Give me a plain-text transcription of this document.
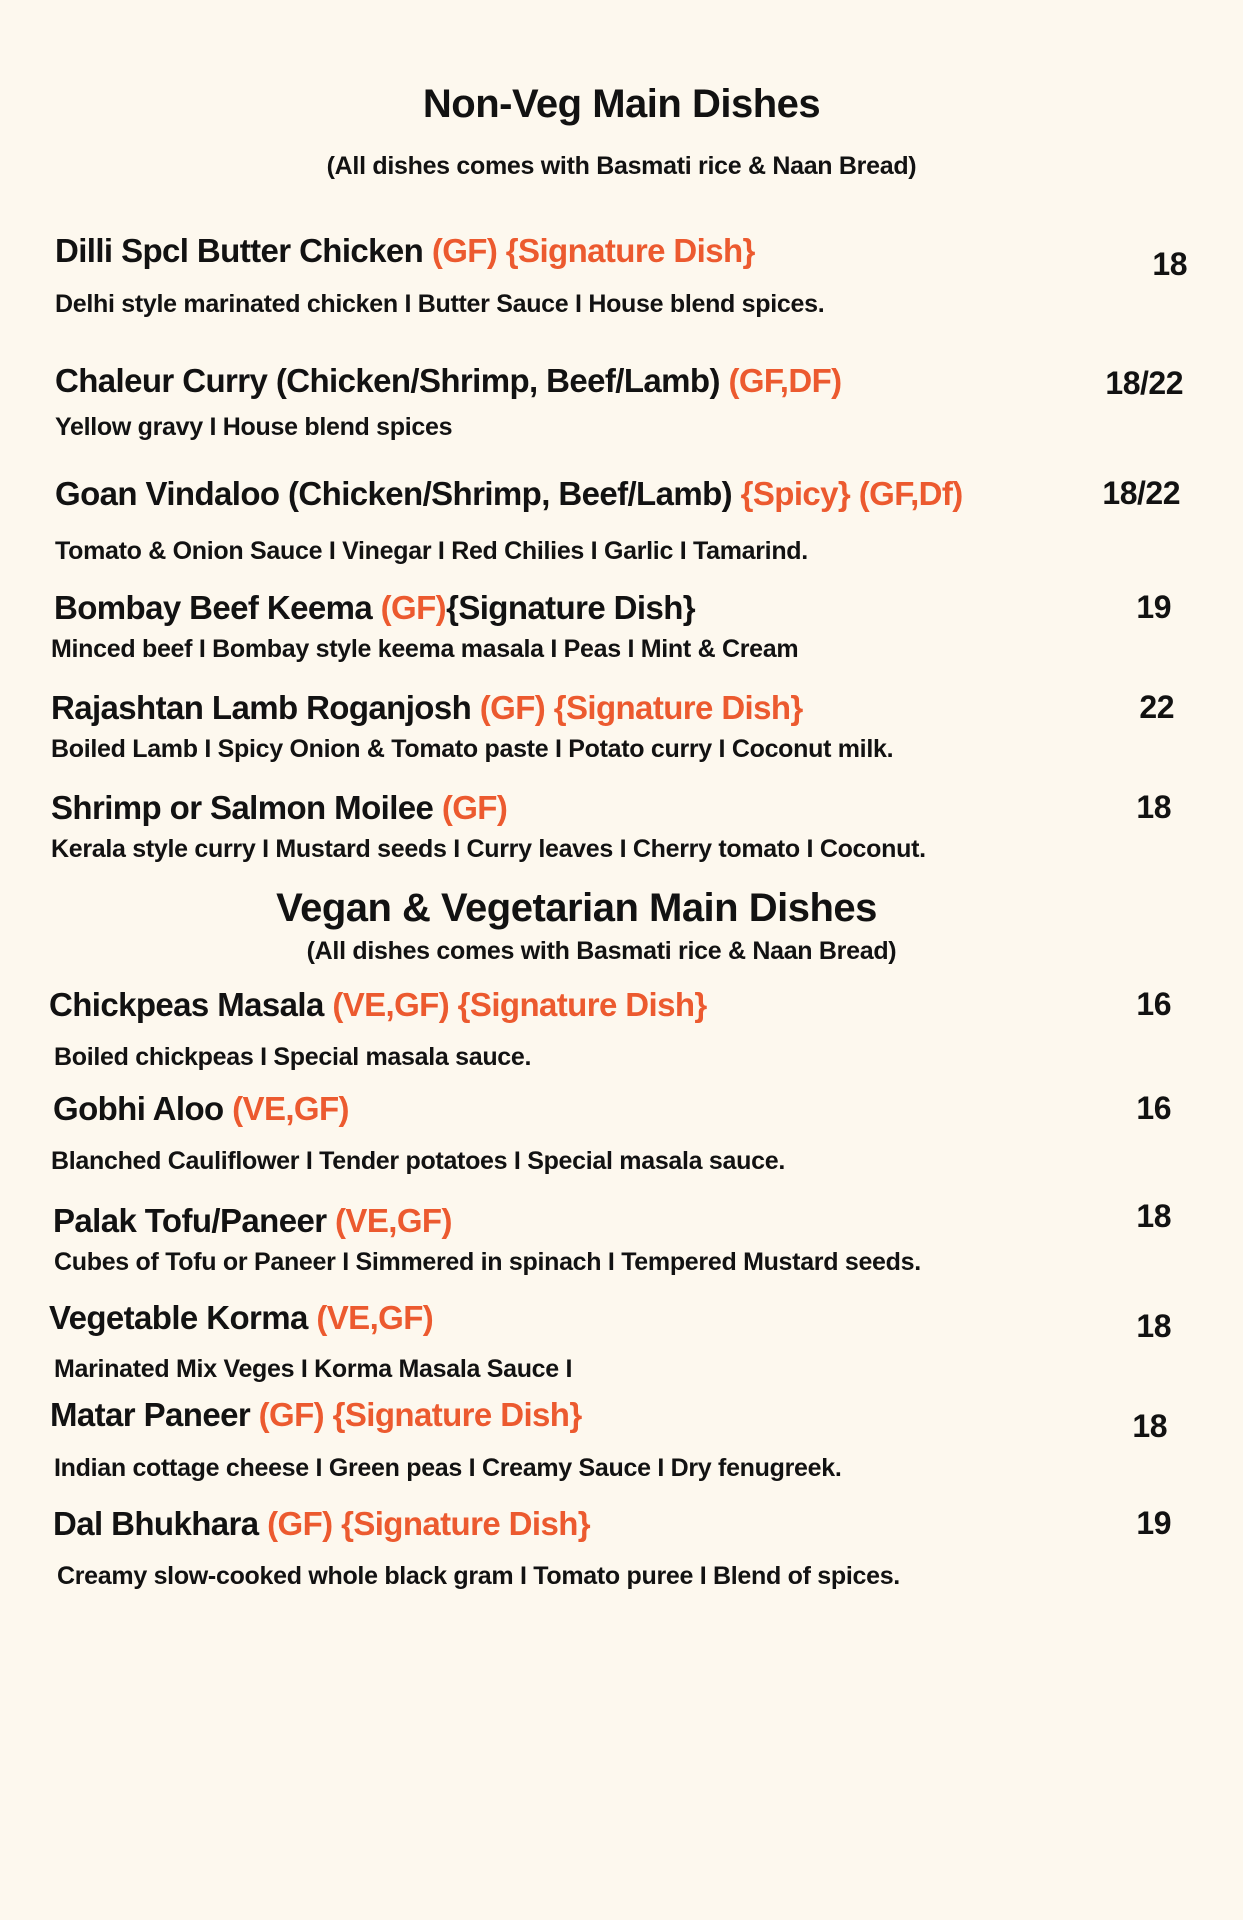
Non-Veg Main Dishes
(All dishes comes with Basmati rice & Naan Bread)
Dilli Spcl Butter Chicken (GF) {Signature Dish}
Delhi style marinated chicken I Butter Sauce I House blend spices.
18
Chaleur Curry (Chicken/Shrimp, Beef/Lamb) (GF,DF)
Yellow gravy I House blend spices
18/22
Goan Vindaloo (Chicken/Shrimp, Beef/Lamb) {Spicy} (GF,Df)
Tomato & Onion Sauce I Vinegar I Red Chilies I Garlic I Tamarind.
18/22
Bombay Beef Keema (GF){Signature Dish}
Minced beef I Bombay style keema masala I Peas I Mint & Cream
19
Rajashtan Lamb Roganjosh (GF) {Signature Dish}
Boiled Lamb I Spicy Onion & Tomato paste I Potato curry I Coconut milk.
22
Shrimp or Salmon Moilee (GF)
Kerala style curry I Mustard seeds I Curry leaves I Cherry tomato I Coconut.
18
Vegan & Vegetarian Main Dishes
(All dishes comes with Basmati rice & Naan Bread)
Chickpeas Masala (VE,GF) {Signature Dish}
Boiled chickpeas I Special masala sauce.
16
Gobhi Aloo (VE,GF)
Blanched Cauliflower I Tender potatoes I Special masala sauce.
16
Palak Tofu/Paneer (VE,GF)
Cubes of Tofu or Paneer I Simmered in spinach I Tempered Mustard seeds.
18
Vegetable Korma (VE,GF)
Marinated Mix Veges I Korma Masala Sauce I
18
Matar Paneer (GF) {Signature Dish}
Indian cottage cheese I Green peas I Creamy Sauce I Dry fenugreek.
18
Dal Bhukhara (GF) {Signature Dish}
Creamy slow-cooked whole black gram I Tomato puree I Blend of spices.
19
